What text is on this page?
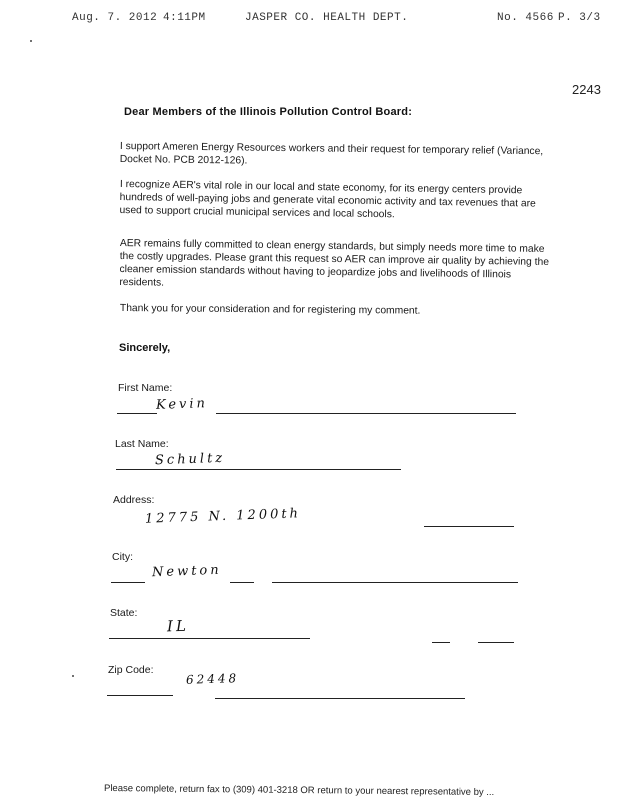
Aug. 7. 2012 4:11PM	JASPER CO. HEALTH DEPT.	No. 4566 P. 3/3
2243
Dear Members of the Illinois Pollution Control Board:
I support Ameren Energy Resources workers and their request for temporary relief (Variance, Docket No. PCB 2012-126).
I recognize AER's vital role in our local and state economy, for its energy centers provide hundreds of well-paying jobs and generate vital economic activity and tax revenues that are used to support crucial municipal services and local schools.
AER remains fully committed to clean energy standards, but simply needs more time to make the costly upgrades. Please grant this request so AER can improve air quality by achieving the cleaner emission standards without having to jeopardize jobs and livelihoods of Illinois residents.
Thank you for your consideration and for registering my comment.
Sincerely,
First Name:
Kevin
Last Name:
Schultz
Address:
12775 N. 1200th
City:
Newton
State:
IL
Zip Code:
62448
Please complete, return fax to (309) 401-3218 OR return to your nearest representative by ...
